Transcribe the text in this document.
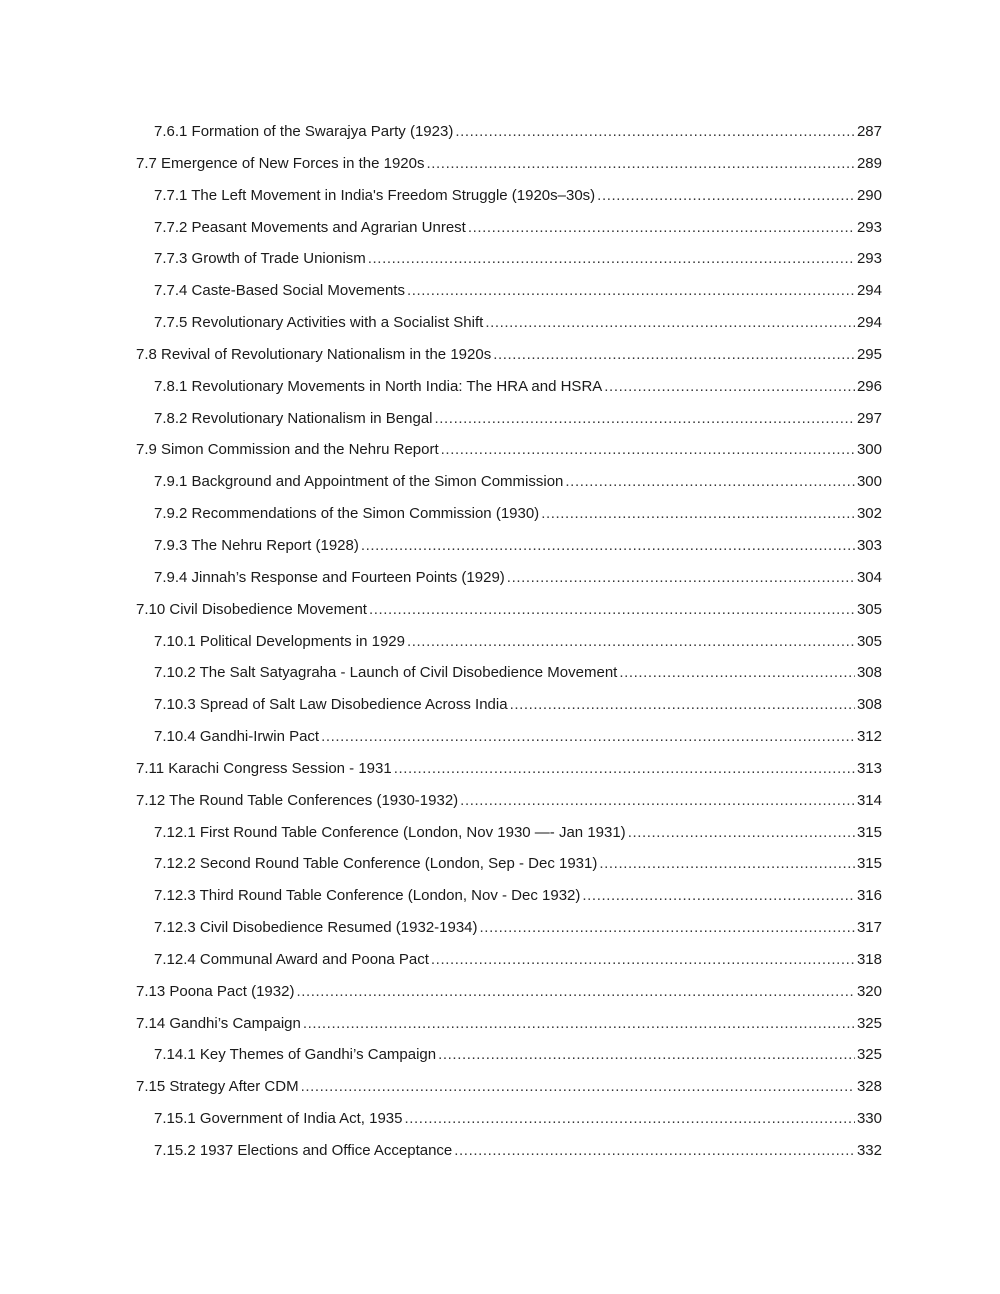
7.6.1 Formation of the Swarajya Party (1923) .....	287
7.7 Emergence of New Forces in the 1920s .....	289
7.7.1 The Left Movement in India's Freedom Struggle (1920s–30s) .....	290
7.7.2 Peasant Movements and Agrarian Unrest .....	293
7.7.3 Growth of Trade Unionism .....	293
7.7.4 Caste-Based Social Movements .....	294
7.7.5 Revolutionary Activities with a Socialist Shift .....	294
7.8 Revival of Revolutionary Nationalism in the 1920s .....	295
7.8.1 Revolutionary Movements in North India: The HRA and HSRA .....	296
7.8.2 Revolutionary Nationalism in Bengal .....	297
7.9 Simon Commission and the Nehru Report .....	300
7.9.1 Background and Appointment of the Simon Commission .....	300
7.9.2 Recommendations of the Simon Commission (1930) .....	302
7.9.3 The Nehru Report (1928) .....	303
7.9.4 Jinnah’s Response and Fourteen Points (1929) .....	304
7.10 Civil Disobedience Movement .....	305
7.10.1 Political Developments in 1929 .....	305
7.10.2 The Salt Satyagraha - Launch of Civil Disobedience Movement .....	308
7.10.3 Spread of Salt Law Disobedience Across India .....	308
7.10.4 Gandhi-Irwin Pact .....	312
7.11 Karachi Congress Session - 1931 .....	313
7.12 The Round Table Conferences (1930-1932) .....	314
7.12.1 First Round Table Conference (London, Nov 1930 —- Jan 1931) .....	315
7.12.2 Second Round Table Conference (London, Sep - Dec 1931) .....	315
7.12.3 Third Round Table Conference (London, Nov - Dec 1932) .....	316
7.12.3 Civil Disobedience Resumed (1932-1934) .....	317
7.12.4 Communal Award and Poona Pact .....	318
7.13 Poona Pact (1932) .....	320
7.14 Gandhi’s Campaign .....	325
7.14.1 Key Themes of Gandhi’s Campaign .....	325
7.15 Strategy After CDM .....	328
7.15.1 Government of India Act, 1935 .....	330
7.15.2 1937 Elections and Office Acceptance .....	332
